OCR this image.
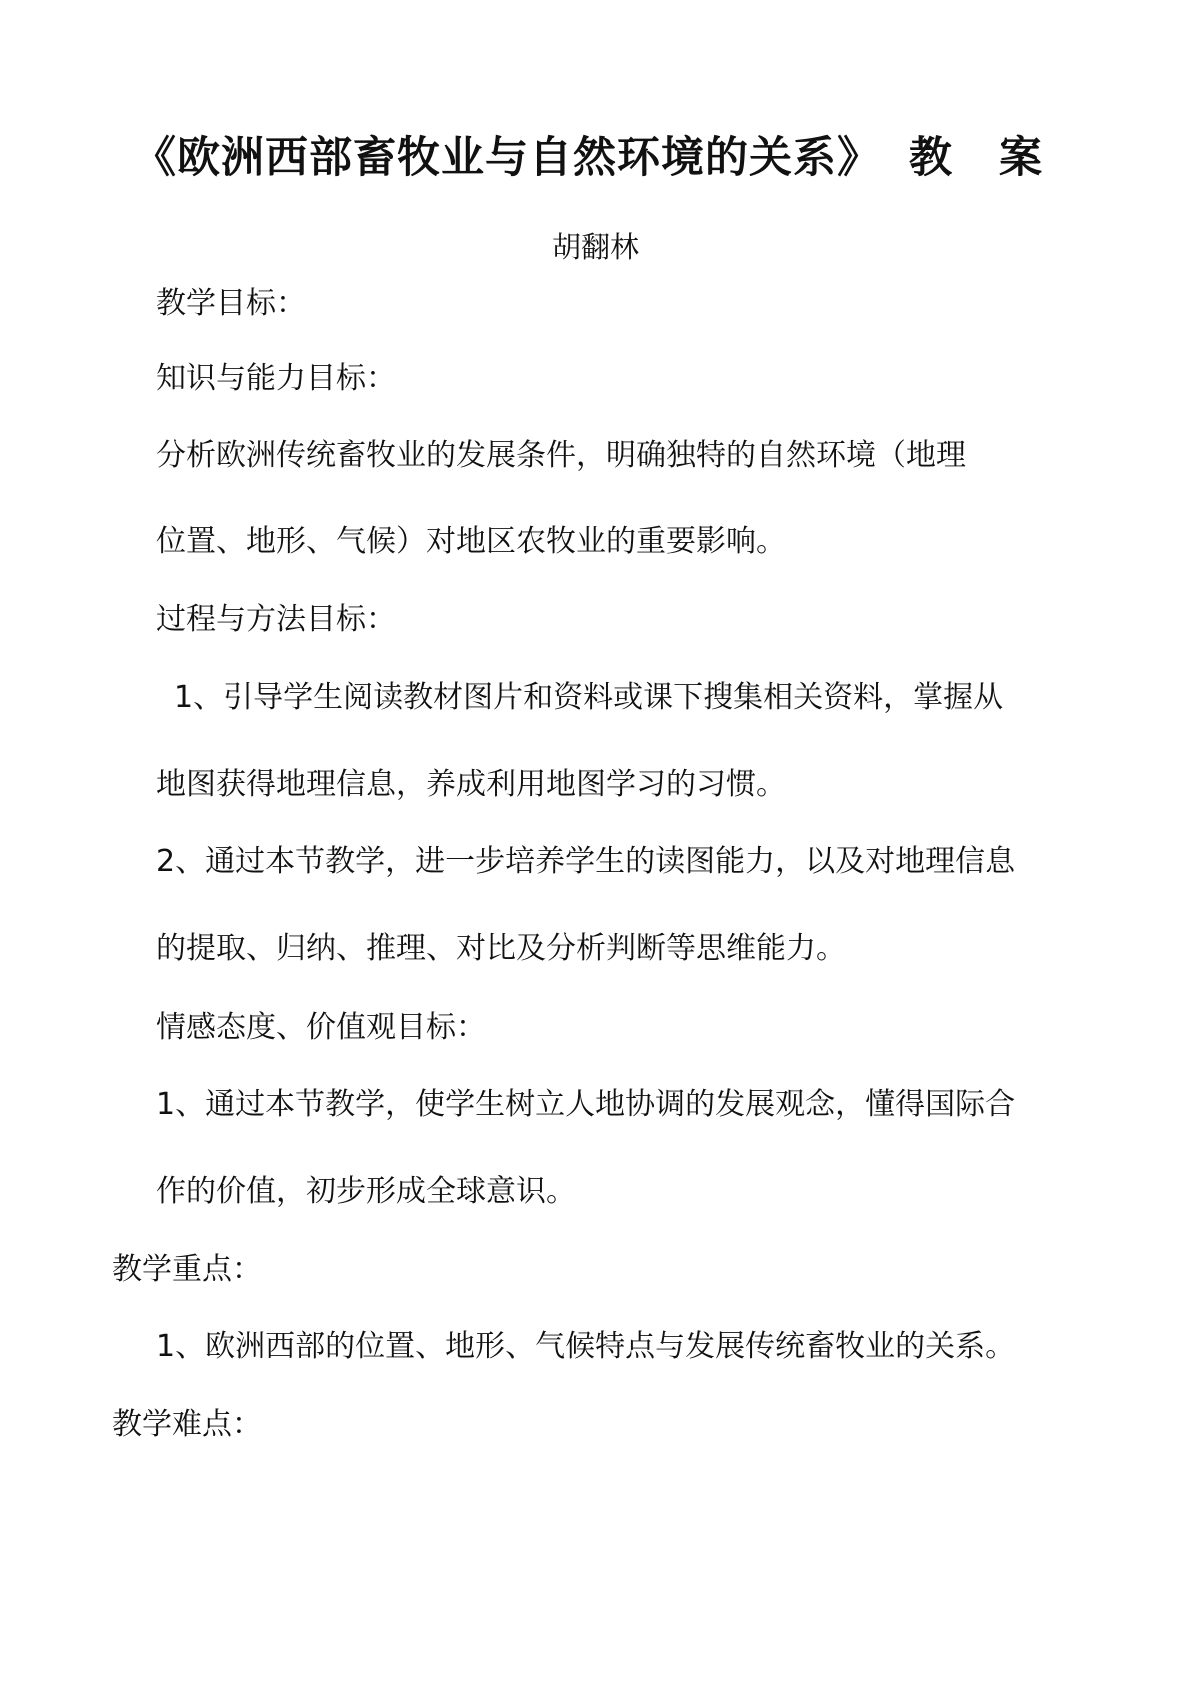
《欧洲西部畜牧业与自然环境的关系》 教 案
胡翻林
教学目标：
知识与能力目标：
分析欧洲传统畜牧业的发展条件，明确独特的自然环境（地理
位置、地形、气候）对地区农牧业的重要影响。
过程与方法目标：
1、引导学生阅读教材图片和资料或课下搜集相关资料，掌握从
地图获得地理信息，养成利用地图学习的习惯。
2、通过本节教学，进一步培养学生的读图能力，以及对地理信息
的提取、归纳、推理、对比及分析判断等思维能力。
情感态度、价值观目标：
1、通过本节教学，使学生树立人地协调的发展观念，懂得国际合
作的价值，初步形成全球意识。
教学重点：
1、欧洲西部的位置、地形、气候特点与发展传统畜牧业的关系。
教学难点：
